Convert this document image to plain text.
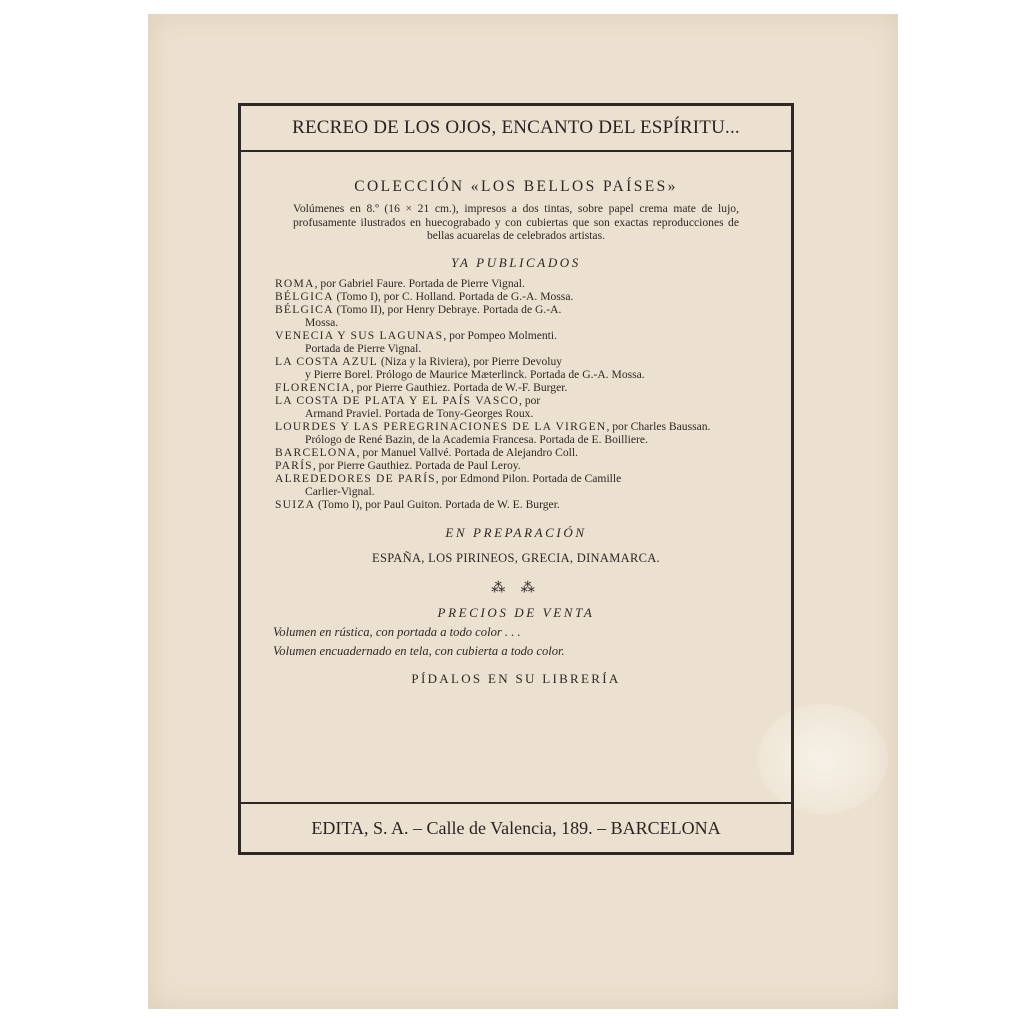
RECREO DE LOS OJOS, ENCANTO DEL ESPÍRITU...
COLECCIÓN «LOS BELLOS PAÍSES»
Volúmenes en 8.º (16 × 21 cm.), impresos a dos tintas, sobre papel crema mate de lujo, profusamente ilustrados en huecograbado y con cubiertas que son exactas reproducciones de bellas acuarelas de celebrados artistas.
YA PUBLICADOS
ROMA, por Gabriel Faure. Portada de Pierre Vignal.
BÉLGICA (Tomo I), por C. Holland. Portada de G.-A. Mossa.
BÉLGICA (Tomo II), por Henry Debraye. Portada de G.-A.
Mossa.
VENECIA Y SUS LAGUNAS, por Pompeo Molmenti.
Portada de Pierre Vignal.
LA COSTA AZUL (Niza y la Riviera), por Pierre Devoluy
y Pierre Borel. Prólogo de Maurice Mæterlinck. Portada de G.-A. Mossa.
FLORENCIA, por Pierre Gauthiez. Portada de W.-F. Burger.
LA COSTA DE PLATA Y EL PAÍS VASCO, por
Armand Praviel. Portada de Tony-Georges Roux.
LOURDES Y LAS PEREGRINACIONES DE LA VIRGEN, por Charles Baussan.
Prólogo de René Bazin, de la Academia Francesa. Portada de E. Boilliere.
BARCELONA, por Manuel Vallvé. Portada de Alejandro Coll.
PARÍS, por Pierre Gauthiez. Portada de Paul Leroy.
ALREDEDORES DE PARÍS, por Edmond Pilon. Portada de Camille
Carlier-Vignal.
SUIZA (Tomo I), por Paul Guiton. Portada de W. E. Burger.
EN PREPARACIÓN
ESPAÑA, LOS PIRINEOS, GRECIA, DINAMARCA.
⁂ ⁂
PRECIOS DE VENTA
Volumen en rústica, con portada a todo color . . .
Volumen encuadernado en tela, con cubierta a todo color.
PÍDALOS EN SU LIBRERÍA
EDITA, S. A. – Calle de Valencia, 189. – BARCELONA
